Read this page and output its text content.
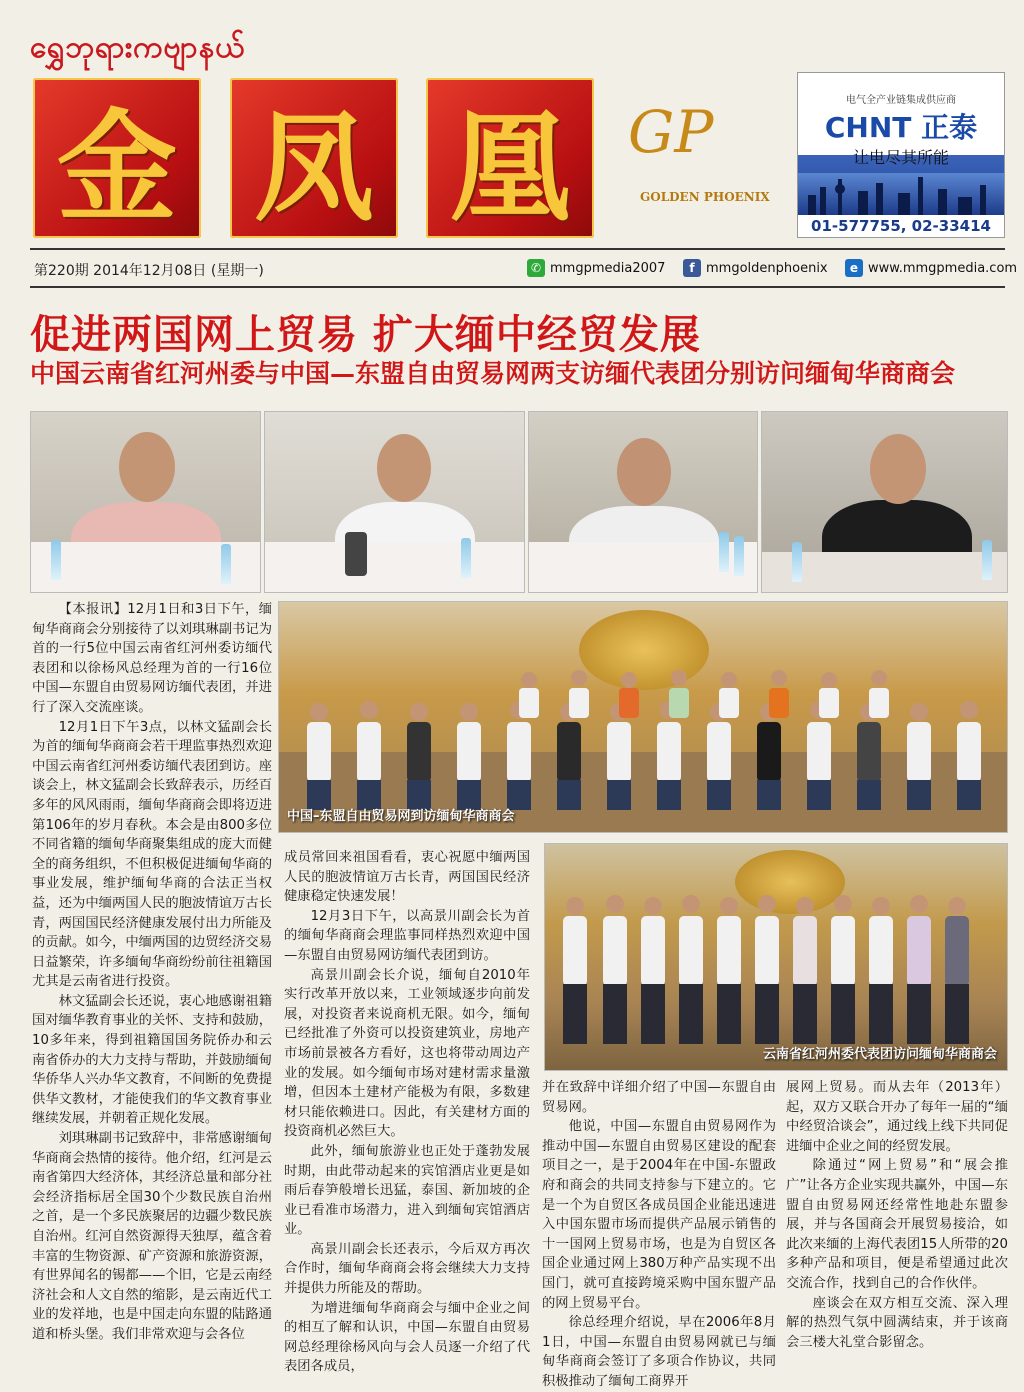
ရွှေဘုရားကဗျာနယ်
金 凤 凰	GP
GOLDEN PHOENIX
电气全产业链集成供应商
CHNT 正泰
让电尽其所能
01-577755, 02-33414
第220期 2014年12月08日 (星期一)	✆ mmgpmedia2007	f mmgoldenphoenix	e www.mmgpmedia.com
促进两国网上贸易 扩大缅中经贸发展
中国云南省红河州委与中国—东盟自由贸易网两支访缅代表团分别访问缅甸华商商会
中国–东盟自由贸易网到访缅甸华商商会
云南省红河州委代表团访问缅甸华商商会

【本报讯】12月1日和3日下午，缅甸华商商会分别接待了以刘琪琳副书记为首的一行5位中国云南省红河州委访缅代表团和以徐杨风总经理为首的一行16位中国—东盟自由贸易网访缅代表团，并进行了深入交流座谈。

12月1日下午3点，以林文猛副会长为首的缅甸华商商会若干理监事热烈欢迎中国云南省红河州委访缅代表团到访。座谈会上，林文猛副会长致辞表示，历经百多年的风风雨雨，缅甸华商商会即将迈进第106年的岁月春秋。本会是由800多位不同省籍的缅甸华商聚集组成的庞大而健全的商务组织，不但积极促进缅甸华商的事业发展，维护缅甸华商的合法正当权益，还为中缅两国人民的胞波情谊万古长青，两国国民经济健康发展付出力所能及的贡献。如今，中缅两国的边贸经济交易日益繁荣，许多缅甸华商纷纷前往祖籍国尤其是云南省进行投资。

林文猛副会长还说，衷心地感谢祖籍国对缅华教育事业的关怀、支持和鼓励，10多年来，得到祖籍国国务院侨办和云南省侨办的大力支持与帮助，并鼓励缅甸华侨华人兴办华文教育，不间断的免费提供华文教材，才能使我们的华文教育事业继续发展，并朝着正规化发展。

刘琪琳副书记致辞中，非常感谢缅甸华商商会热情的接待。他介绍，红河是云南省第四大经济体，其经济总量和部分社会经济指标居全国30个少数民族自治州之首，是一个多民族聚居的边疆少数民族自治州。红河自然资源得天独厚，蕴含着丰富的生物资源、矿产资源和旅游资源，有世界闻名的锡都——个旧，它是云南经济社会和人文自然的缩影，是云南近代工业的发祥地，也是中国走向东盟的陆路通道和桥头堡。我们非常欢迎与会各位

成员常回来祖国看看，衷心祝愿中缅两国人民的胞波情谊万古长青，两国国民经济健康稳定快速发展！

12月3日下午，以高景川副会长为首的缅甸华商商会理监事同样热烈欢迎中国—东盟自由贸易网访缅代表团到访。

高景川副会长介说，缅甸自2010年实行改革开放以来，工业领域逐步向前发展，对投资者来说商机无限。如今，缅甸已经批准了外资可以投资建筑业，房地产市场前景被各方看好，这也将带动周边产业的发展。如今缅甸市场对建材需求量激增，但因本土建材产能极为有限，多数建材只能依赖进口。因此，有关建材方面的投资商机必然巨大。

此外，缅甸旅游业也正处于蓬勃发展时期，由此带动起来的宾馆酒店业更是如雨后春笋般增长迅猛，泰国、新加坡的企业已看准市场潜力，进入到缅甸宾馆酒店业。

高景川副会长还表示，今后双方再次合作时，缅甸华商商会将会继续大力支持并提供力所能及的帮助。

为增进缅甸华商商会与缅中企业之间的相互了解和认识，中国—东盟自由贸易网总经理徐杨风向与会人员逐一介绍了代表团各成员，

并在致辞中详细介绍了中国—东盟自由贸易网。

他说，中国—东盟自由贸易网作为推动中国—东盟自由贸易区建设的配套项目之一，是于2004年在中国-东盟政府和商会的共同支持参与下建立的。它是一个为自贸区各成员国企业能迅速进入中国东盟市场而提供产品展示销售的十一国网上贸易市场，也是为自贸区各国企业通过网上380万种产品实现不出国门，就可直接跨境采购中国东盟产品的网上贸易平台。

徐总经理介绍说，早在2006年8月1日，中国—东盟自由贸易网就已与缅甸华商商会签订了多项合作协议，共同积极推动了缅甸工商界开

展网上贸易。而从去年（2013年）起，双方又联合开办了每年一届的“缅中经贸洽谈会”，通过线上线下共同促进缅中企业之间的经贸发展。

除通过“网上贸易”和“展会推广”让各方企业实现共赢外，中国—东盟自由贸易网还经常性地赴东盟参展，并与各国商会开展贸易接洽，如此次来缅的上海代表团15人所带的20多种产品和项目，便是希望通过此次交流合作，找到自己的合作伙伴。

座谈会在双方相互交流、深入理解的热烈气氛中圆满结束，并于该商会三楼大礼堂合影留念。
